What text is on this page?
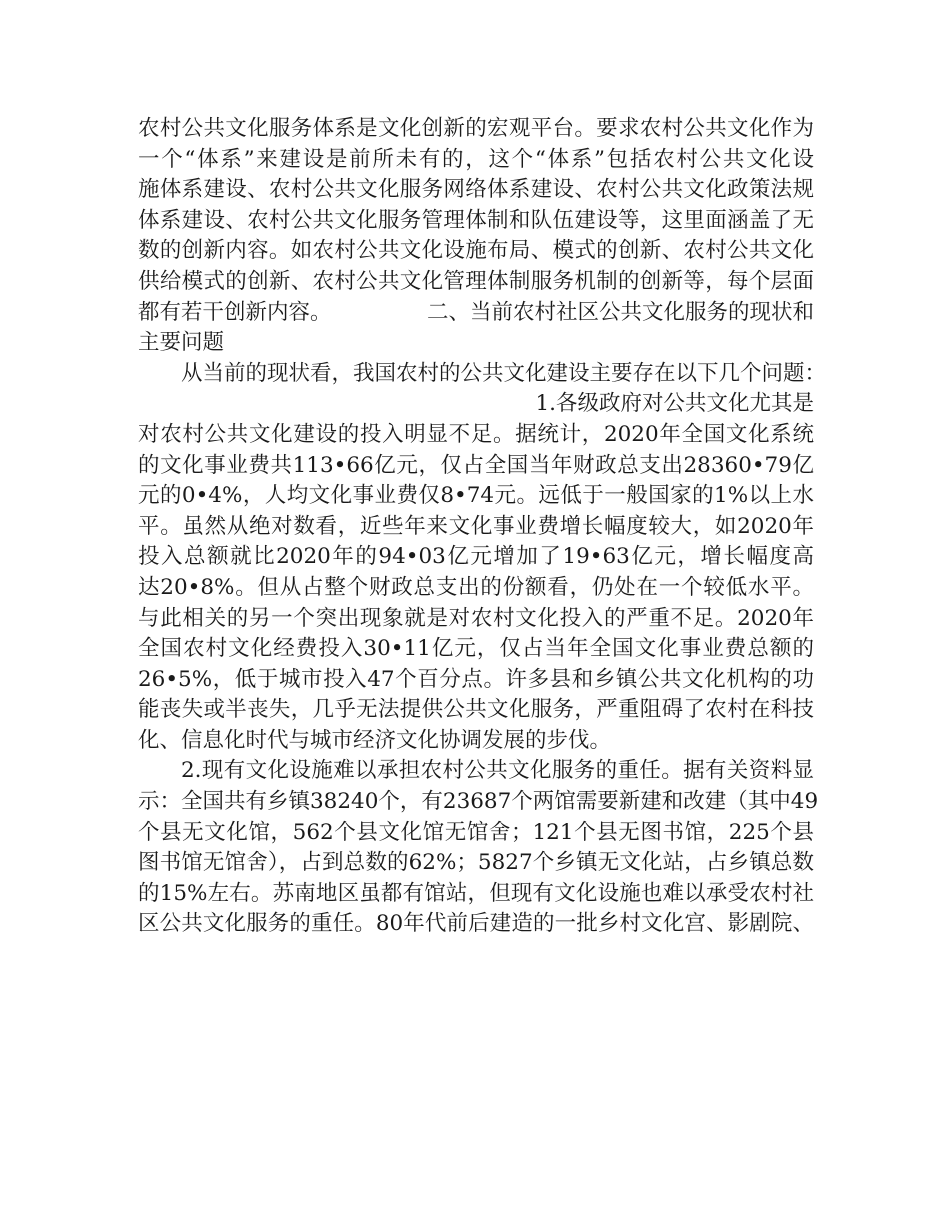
农村公共文化服务体系是文化创新的宏观平台。要求农村公共文化作为
一个“体系”来建设是前所未有的，这个“体系”包括农村公共文化设
施体系建设、农村公共文化服务网络体系建设、农村公共文化政策法规
体系建设、农村公共文化服务管理体制和队伍建设等，这里面涵盖了无
数的创新内容。如农村公共文化设施布局、模式的创新、农村公共文化
供给模式的创新、农村公共文化管理体制服务机制的创新等，每个层面
都有若干创新内容。	二、当前农村社区公共文化服务的现状和
主要问题
从当前的现状看，我国农村的公共文化建设主要存在以下几个问题：
1.各级政府对公共文化尤其是
对农村公共文化建设的投入明显不足。据统计，2020年全国文化系统
的文化事业费共113•66亿元，仅占全国当年财政总支出28360•79亿
元的0•4%，人均文化事业费仅8•74元。远低于一般国家的1%以上水
平。虽然从绝对数看，近些年来文化事业费增长幅度较大，如2020年
投入总额就比2020年的94•03亿元增加了19•63亿元，增长幅度高
达20•8%。但从占整个财政总支出的份额看，仍处在一个较低水平。
与此相关的另一个突出现象就是对农村文化投入的严重不足。2020年
全国农村文化经费投入30•11亿元，仅占当年全国文化事业费总额的
26•5%，低于城市投入47个百分点。许多县和乡镇公共文化机构的功
能丧失或半丧失，几乎无法提供公共文化服务，严重阻碍了农村在科技
化、信息化时代与城市经济文化协调发展的步伐。
2.现有文化设施难以承担农村公共文化服务的重任。据有关资料显
示：全国共有乡镇38240个，有23687个两馆需要新建和改建（其中49
个县无文化馆，562个县文化馆无馆舍；121个县无图书馆，225个县
图书馆无馆舍），占到总数的62%；5827个乡镇无文化站，占乡镇总数
的15%左右。苏南地区虽都有馆站，但现有文化设施也难以承受农村社
区公共文化服务的重任。80年代前后建造的一批乡村文化宫、影剧院、
